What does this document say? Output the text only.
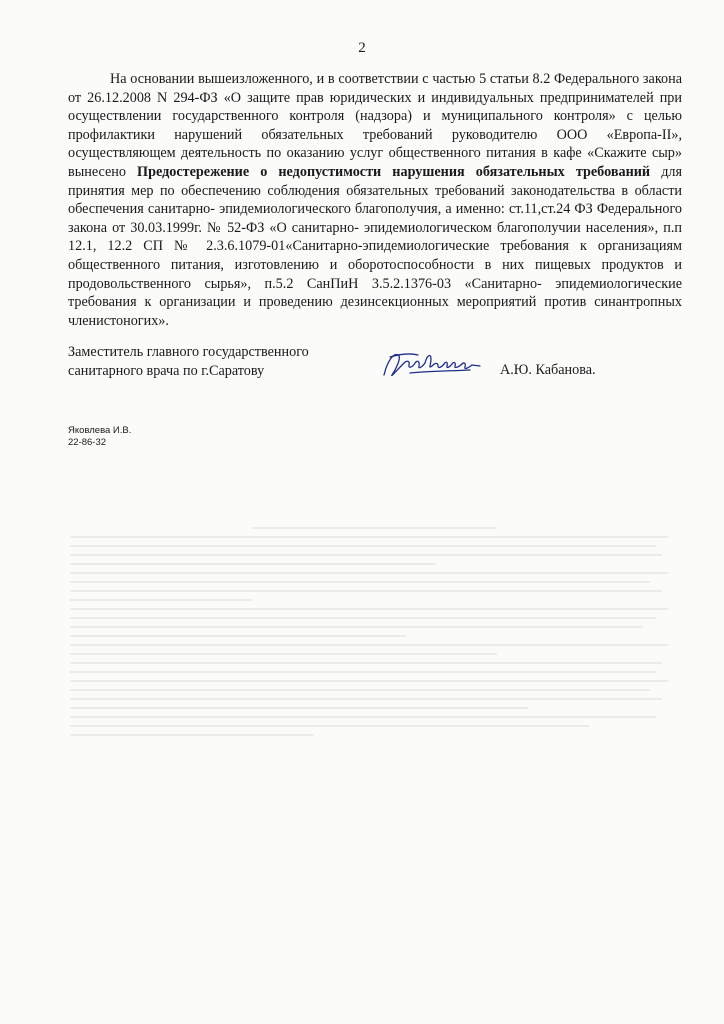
2

На основании вышеизложенного, и в соответствии с частью 5 статьи 8.2 Федерального закона от 26.12.2008 N 294-ФЗ «О защите прав юридических и индивидуальных предпринимателей при осуществлении государственного контроля (надзора) и муниципального контроля» с целью профилактики нарушений обязательных требований руководителю ООО «Европа-II», осуществляющем деятельность по оказанию услуг общественного питания в кафе «Скажите сыр» вынесено Предостережение о недопустимости нарушения обязательных требований для принятия мер по обеспечению соблюдения обязательных требований законодательства в области обеспечения санитарно- эпидемиологического благополучия, а именно: ст.11,ст.24 ФЗ Федерального закона от 30.03.1999г. № 52-ФЗ «О санитарно- эпидемиологическом благополучии населения», п.п 12.1, 12.2 СП № 2.3.6.1079-01«Санитарно-эпидемиологические требования к организациям общественного питания, изготовлению и оборотоспособности в них пищевых продуктов и продовольственного сырья», п.5.2 СанПиН 3.5.2.1376-03 «Санитарно- эпидемиологические требования к организации и проведению дезинсекционных мероприятий против синантропных членистоногих».

Заместитель главного государственного
санитарного врача по г.Саратову	А.Ю. Кабанова.
Яковлева И.В.
22-86-32
